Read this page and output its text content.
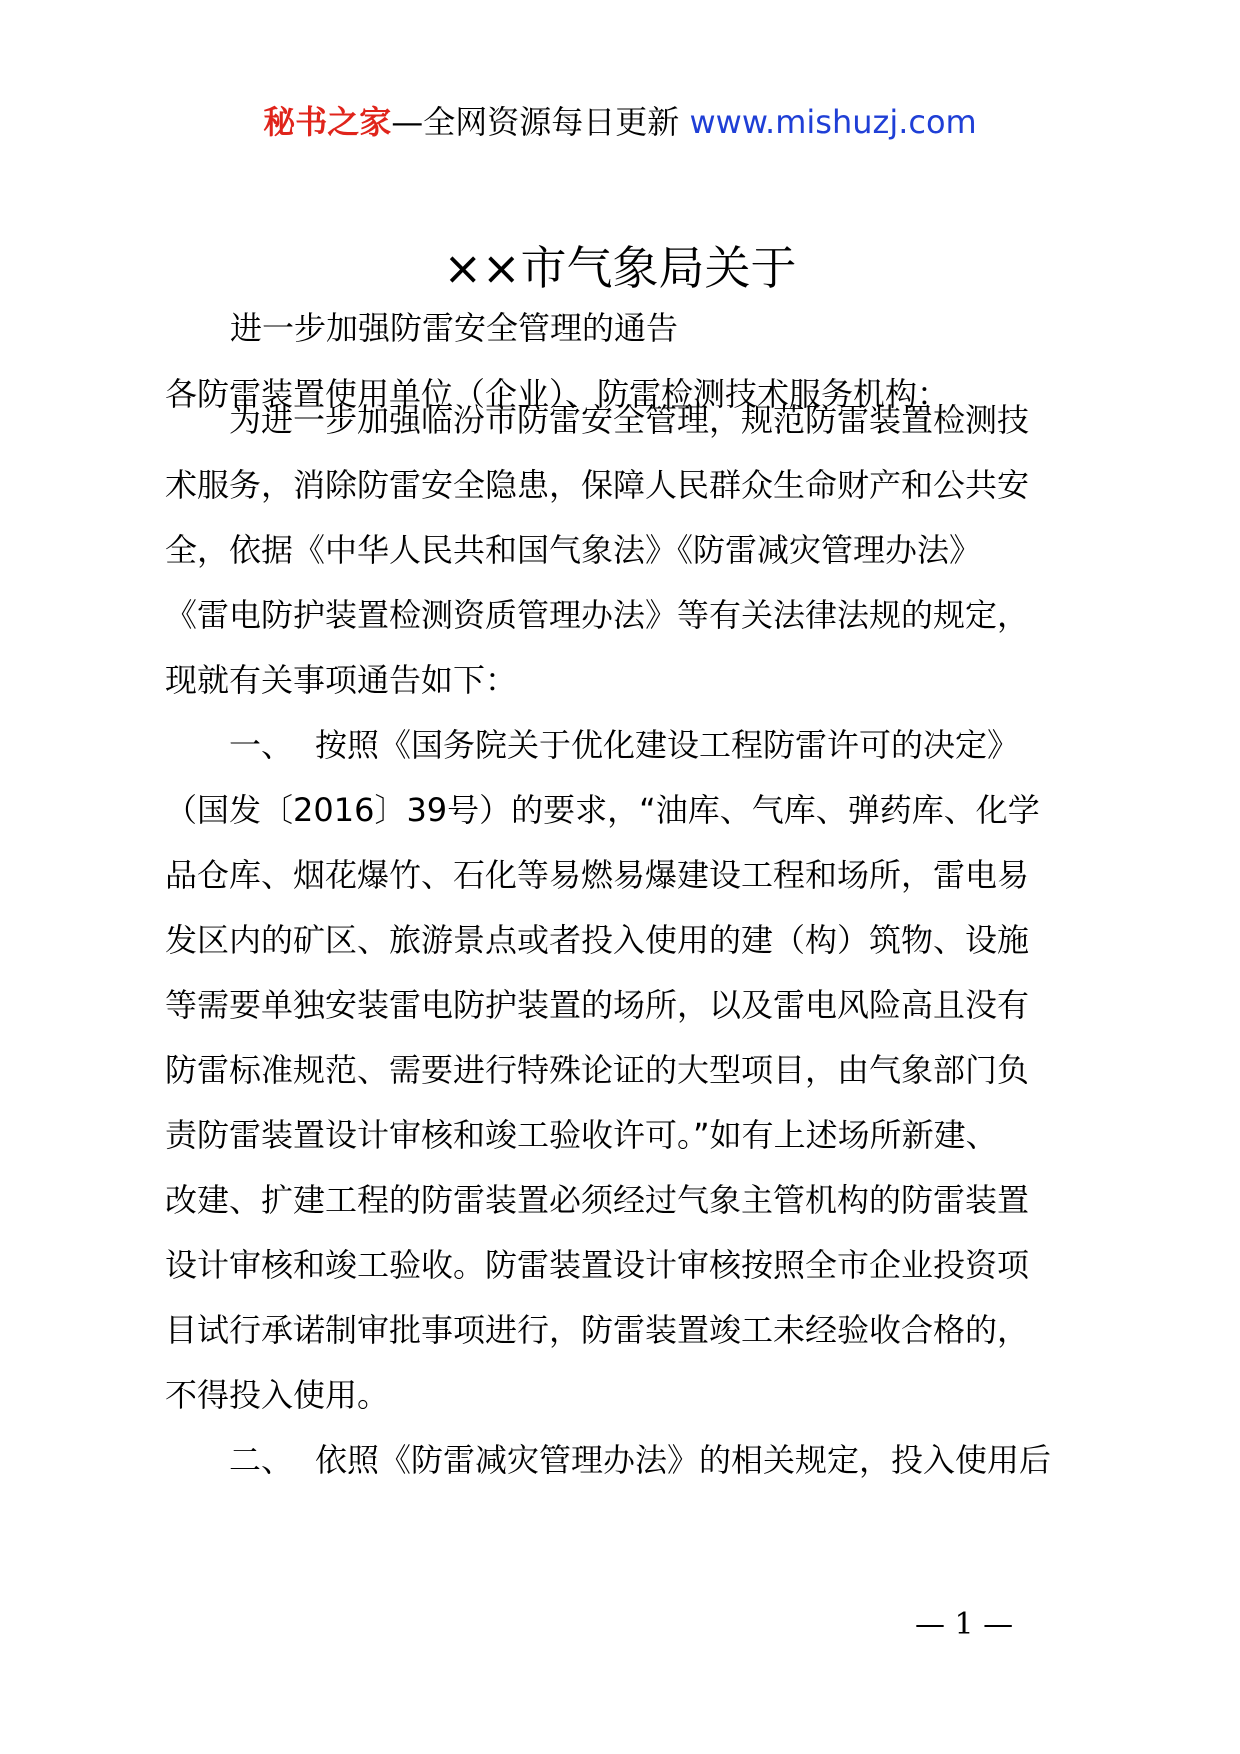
秘书之家—全网资源每日更新 www.mishuzj.com
××市气象局关于
进一步加强防雷安全管理的通告
各防雷装置使用单位（企业）、防雷检测技术服务机构：
为进一步加强临汾市防雷安全管理，规范防雷装置检测技
术服务，消除防雷安全隐患，保障人民群众生命财产和公共安
全，依据《中华人民共和国气象法》《防雷减灾管理办法》
《雷电防护装置检测资质管理办法》等有关法律法规的规定，
现就有关事项通告如下：
一、 按照《国务院关于优化建设工程防雷许可的决定》
（国发〔2016〕39号）的要求，“油库、气库、弹药库、化学
品仓库、烟花爆竹、石化等易燃易爆建设工程和场所，雷电易
发区内的矿区、旅游景点或者投入使用的建（构）筑物、设施
等需要单独安装雷电防护装置的场所，以及雷电风险高且没有
防雷标准规范、需要进行特殊论证的大型项目，由气象部门负
责防雷装置设计审核和竣工验收许可。”如有上述场所新建、
改建、扩建工程的防雷装置必须经过气象主管机构的防雷装置
设计审核和竣工验收。防雷装置设计审核按照全市企业投资项
目试行承诺制审批事项进行，防雷装置竣工未经验收合格的，
不得投入使用。
二、 依照《防雷减灾管理办法》的相关规定，投入使用后
— 1 —
